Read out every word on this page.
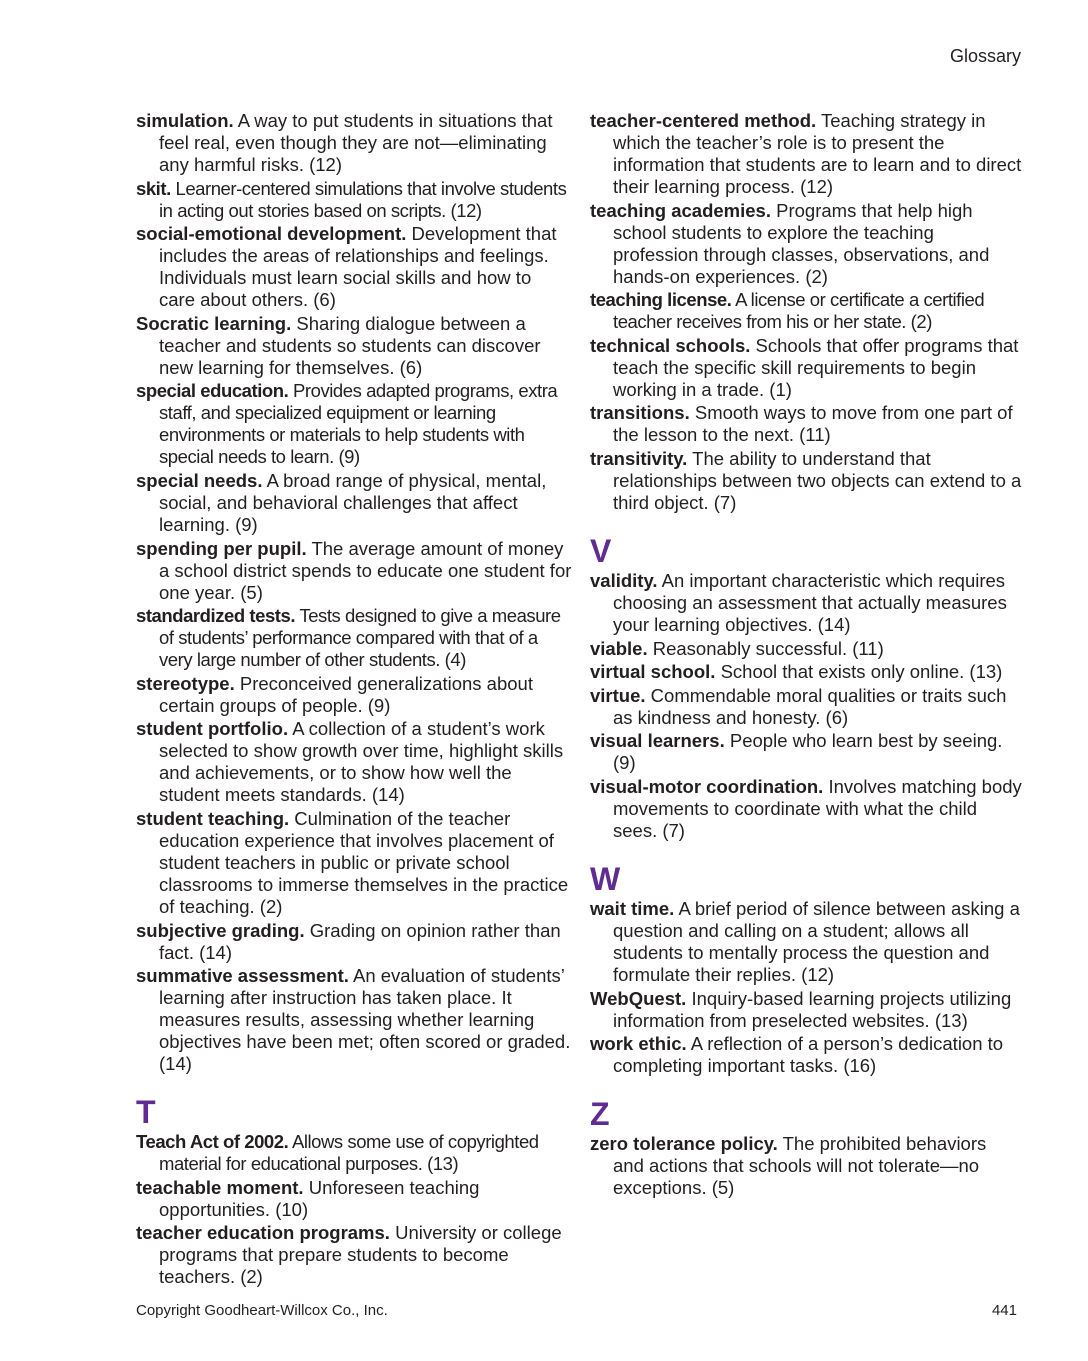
Glossary

simulation. A way to put students in situations that feel real, even though they are not—eliminating any harmful risks. (12)

skit. Learner-centered simulations that involve students in acting out stories based on scripts. (12)

social-emotional development. Development that includes the areas of relationships and feelings. Individuals must learn social skills and how to care about others. (6)

Socratic learning. Sharing dialogue between a teacher and students so students can discover new learning for themselves. (6)

special education. Provides adapted programs, extra staff, and specialized equipment or learning environments or materials to help students with special needs to learn. (9)

special needs. A broad range of physical, mental, social, and behavioral challenges that affect learning. (9)

spending per pupil. The average amount of money a school district spends to educate one student for one year. (5)

standardized tests. Tests designed to give a measure of students’ performance compared with that of a very large number of other students. (4)

stereotype. Preconceived generalizations about certain groups of people. (9)

student portfolio. A collection of a student’s work selected to show growth over time, highlight skills and achievements, or to show how well the student meets standards. (14)

student teaching. Culmination of the teacher education experience that involves placement of student teachers in public or private school classrooms to immerse themselves in the practice of teaching. (2)

subjective grading. Grading on opinion rather than fact. (14)

summative assessment. An evaluation of students’ learning after instruction has taken place. It measures results, assessing whether learning objectives have been met; often scored or graded. (14)

T

Teach Act of 2002. Allows some use of copyrighted material for educational purposes. (13)

teachable moment. Unforeseen teaching opportunities. (10)

teacher education programs. University or college programs that prepare students to become teachers. (2)

teacher-centered method. Teaching strategy in which the teacher’s role is to present the information that students are to learn and to direct their learning process. (12)

teaching academies. Programs that help high school students to explore the teaching profession through classes, observations, and hands-on experiences. (2)

teaching license. A license or certificate a certified teacher receives from his or her state. (2)

technical schools. Schools that offer programs that teach the specific skill requirements to begin working in a trade. (1)

transitions. Smooth ways to move from one part of the lesson to the next. (11)

transitivity. The ability to understand that relationships between two objects can extend to a third object. (7)

V

validity. An important characteristic which requires choosing an assessment that actually measures your learning objectives. (14)

viable. Reasonably successful. (11)

virtual school. School that exists only online. (13)

virtue. Commendable moral qualities or traits such as kindness and honesty. (6)

visual learners. People who learn best by seeing. (9)

visual-motor coordination. Involves matching body movements to coordinate with what the child sees. (7)

W

wait time. A brief period of silence between asking a question and calling on a student; allows all students to mentally process the question and formulate their replies. (12)

WebQuest. Inquiry-based learning projects utilizing information from preselected websites. (13)

work ethic. A reflection of a person’s dedication to completing important tasks. (16)

Z

zero tolerance policy. The prohibited behaviors and actions that schools will not tolerate—no exceptions. (5)

Copyright Goodheart-Willcox Co., Inc.	441
